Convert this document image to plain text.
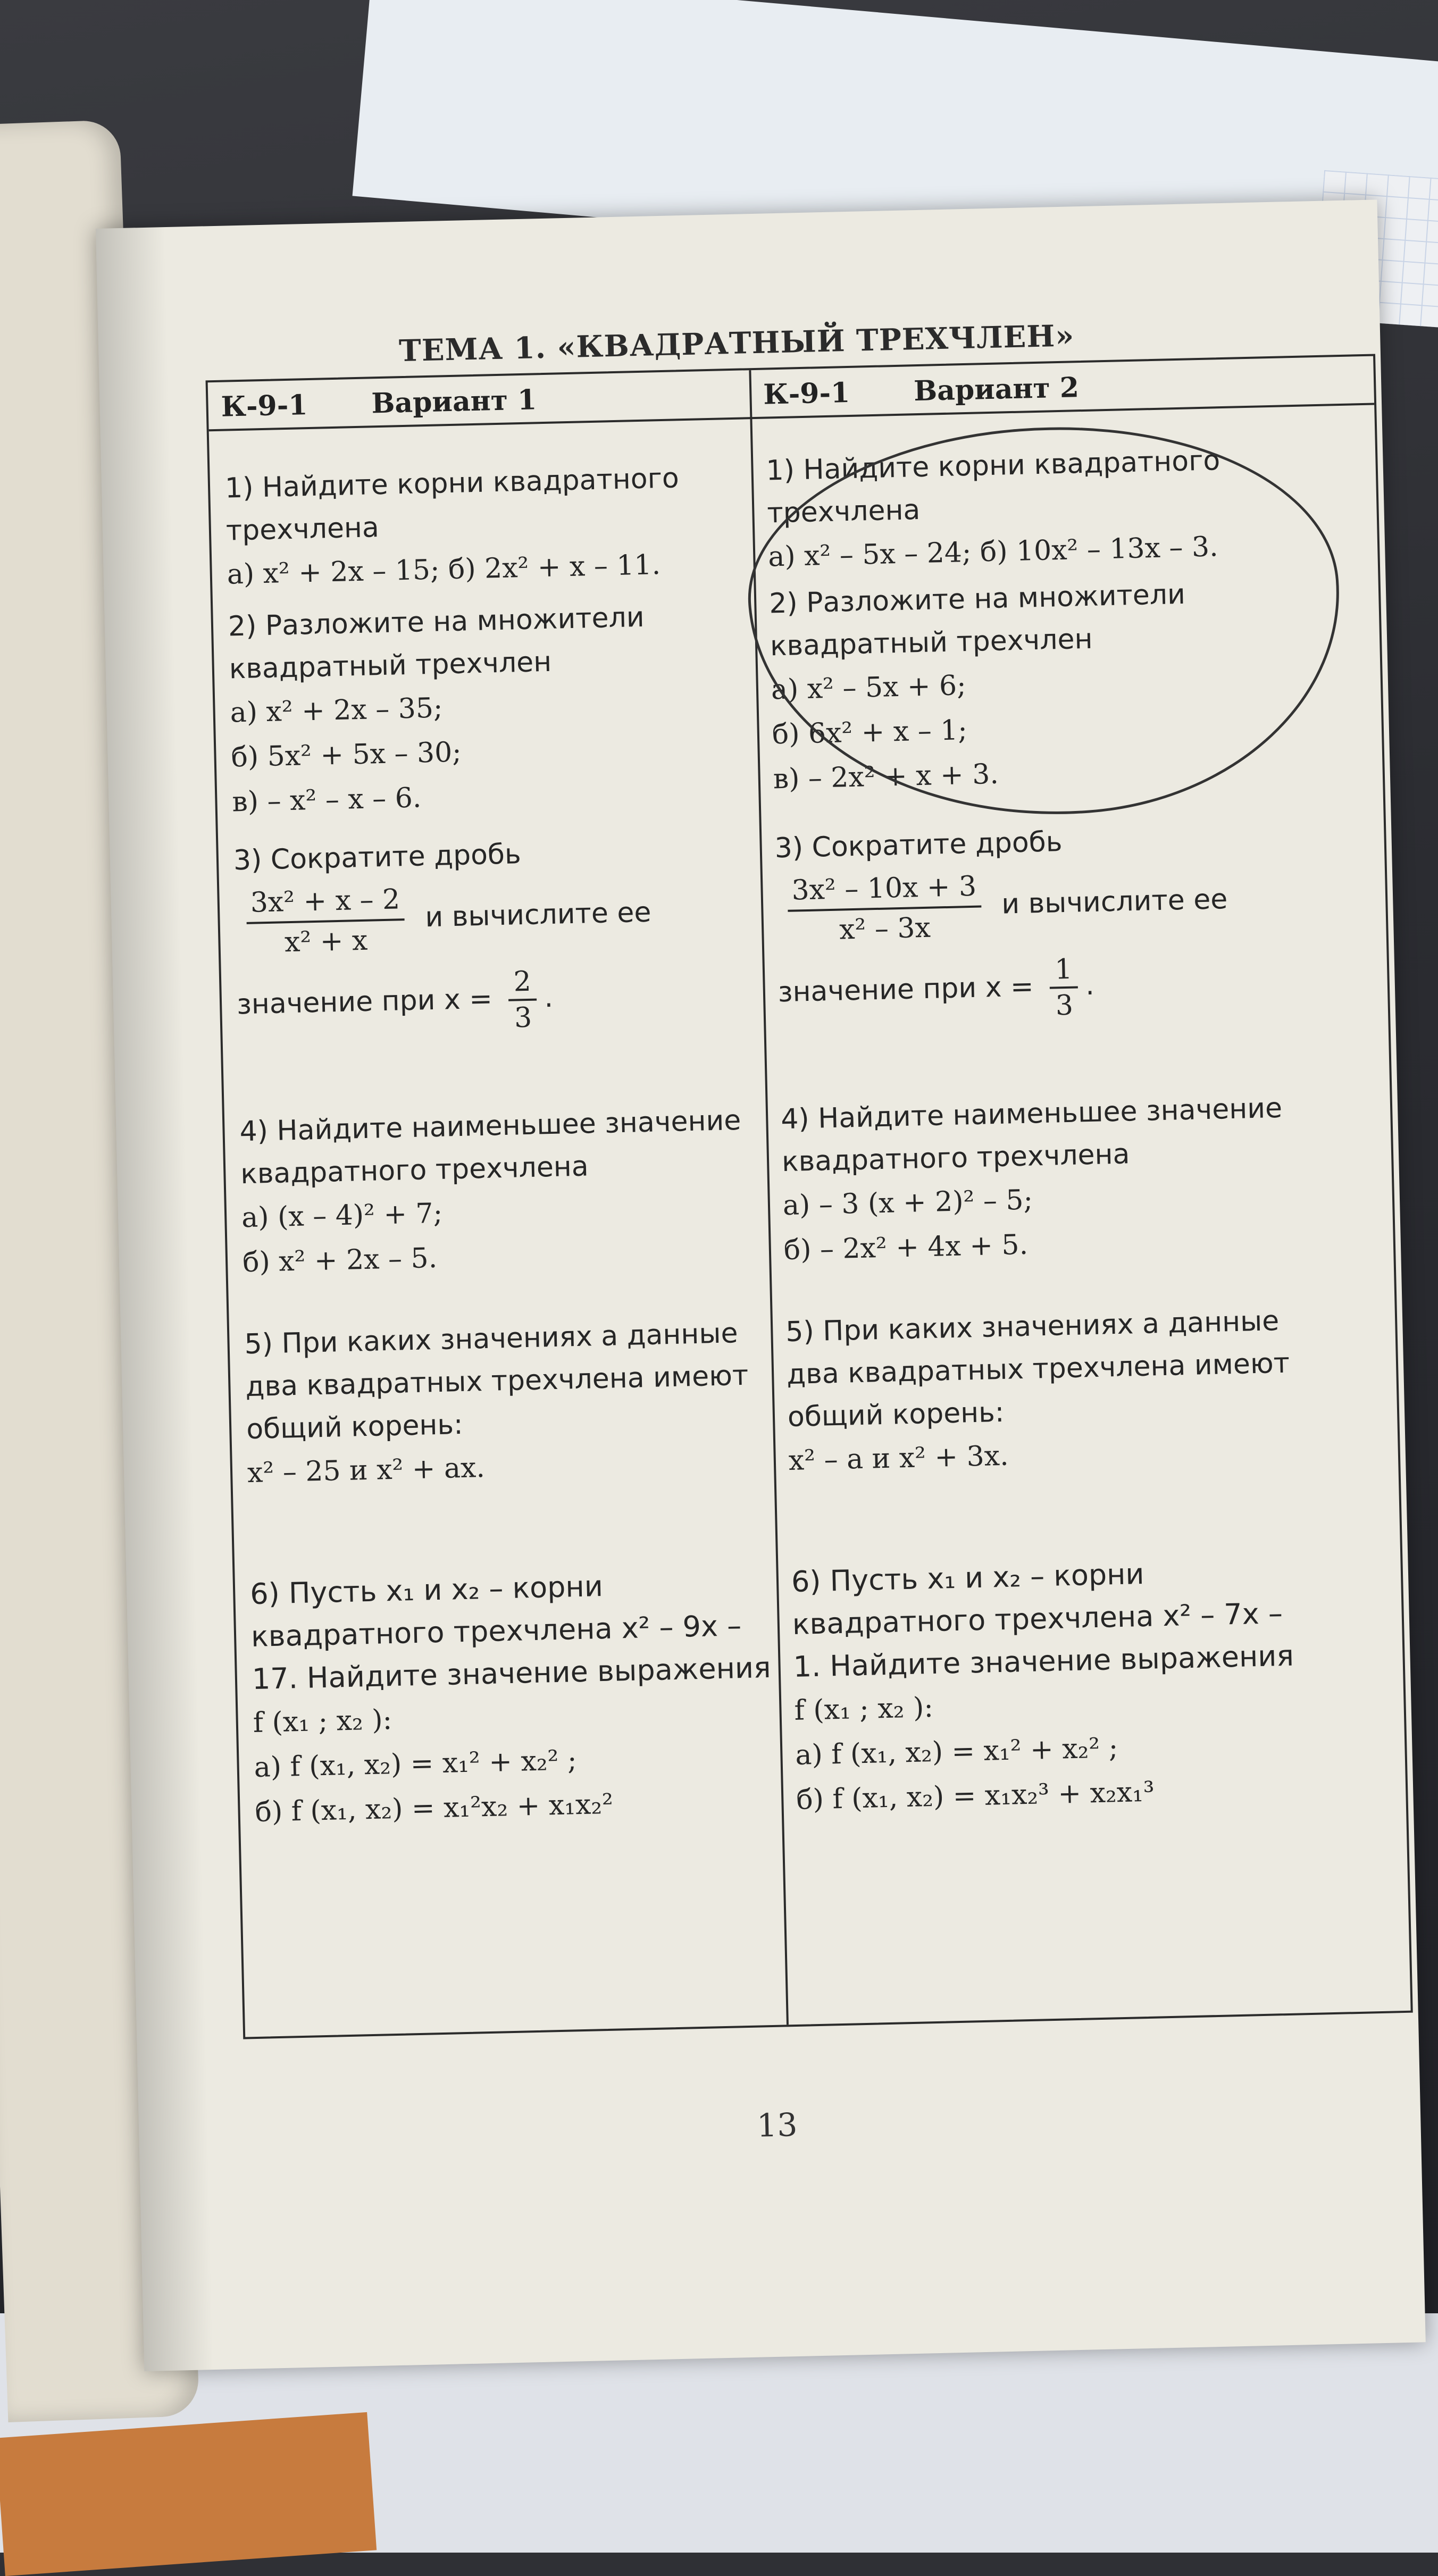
ТЕМА 1. «КВАДРАТНЫЙ ТРЕХЧЛЕН»
К-9-1 Вариант 1	К-9-1 Вариант 2
1) Найдите корни квадратного трехчлена
а) x² + 2x – 15; б) 2x² + x – 11.
2) Разложите на множители квадратный трехчлен
а) x² + 2x – 35;
б) 5x² + 5x – 30;
в) – x² – x – 6.
3) Сократите дробь
$\frac{\text{3x² + x – 2}}{\text{x² + x}}$ и вычислите ее
значение при $x = \frac{2}{3}$ .
4) Найдите наименьшее значение квадратного трехчлена
а) (x – 4)² + 7;
б) x² + 2x – 5.
5) При каких значениях a данные два квадратных трехчлена имеют общий корень:
x² – 25 и x² + ax.
6) Пусть x₁ и x₂ – корни квадратного трехчлена x² – 9x – 17. Найдите значение выражения
f (x₁ ; x₂ ):
а) f (x₁, x₂) = x₁² + x₂² ;
б) f (x₁, x₂) = x₁²x₂ + x₁x₂²
1) Найдите корни квадратного трехчлена
а) x² – 5x – 24; б) 10x² – 13x – 3.
2) Разложите на множители квадратный трехчлен
а) x² – 5x + 6;
б) 6x² + x – 1;
в) – 2x² + x + 3.
3) Сократите дробь
$\frac{\text{3x² – 10x + 3}}{\text{x² – 3x}}$ и вычислите ее
значение при $x = \frac{1}{3}$ .
4) Найдите наименьшее значение квадратного трехчлена
а) – 3 (x + 2)² – 5;
б) – 2x² + 4x + 5.
5) При каких значениях a данные два квадратных трехчлена имеют общий корень:
x² – a и x² + 3x.
6) Пусть x₁ и x₂ – корни квадратного трехчлена x² – 7x – 1. Найдите значение выражения
f (x₁ ; x₂ ):
а) f (x₁, x₂) = x₁² + x₂² ;
б) f (x₁, x₂) = x₁x₂³ + x₂x₁³
13
